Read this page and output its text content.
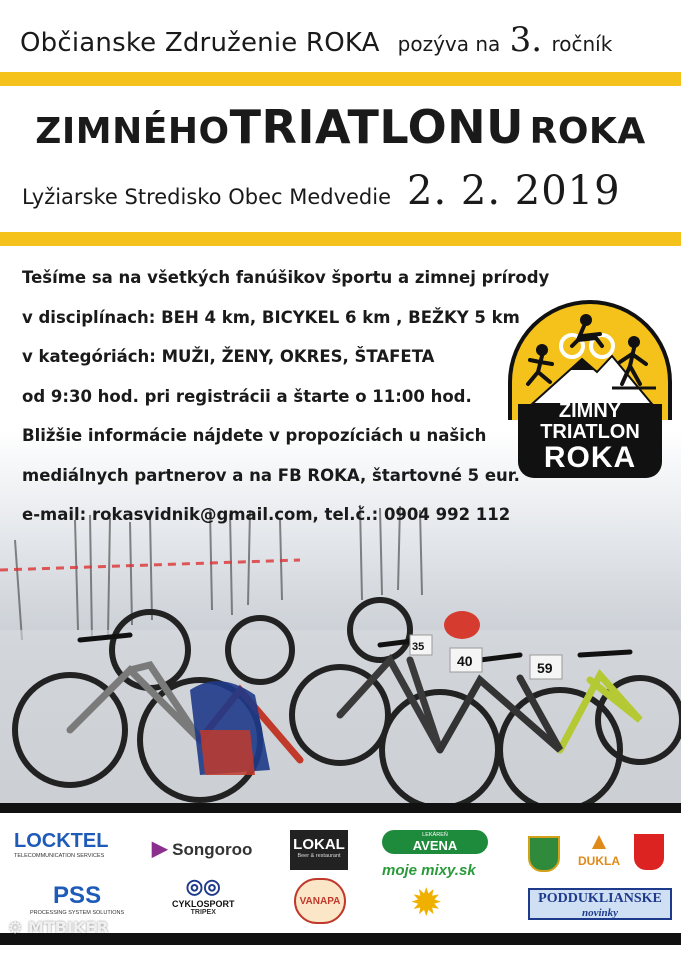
Občianske Združenie ROKA pozýva na 3. ročník
ZIMNÉHOTRIATLONU ROKA
Lyžiarske Stredisko Obec Medvedie 2. 2. 2019
40	59
35
Tešíme sa na všetkých fanúšikov športu a zimnej prírody
v disciplínach: BEH 4 km, BICYKEL 6 km , BEŽKY 5 km
v kategóriách: MUŽI, ŽENY, OKRES, ŠTAFETA
od 9:30 hod. pri registrácii a štarte o 11:00 hod.
Bližšie informácie nájdete v propozíciách u našich
mediálnych partnerov a na FB ROKA, štartovné 5 eur.
e-mail: rokasvidnik@gmail.com, tel.č.: 0904 992 112
ZIMNÝ
TRIATLON
ROKA
LOCKTEL
TELECOMMUNICATION SERVICES ▶ Songoroo	LOKAL
Beer & restaurant
LEKÁREŇ
AVENA	▲
DUKLA
PSS
PROCESSING SYSTEM SOLUTIONS
◎◎
CYKLOSPORT
TRIPEX
VANAPA
moje mixy.sk
✹	PODDUKLIANSKE
novinky
⚙ MTBIKER
